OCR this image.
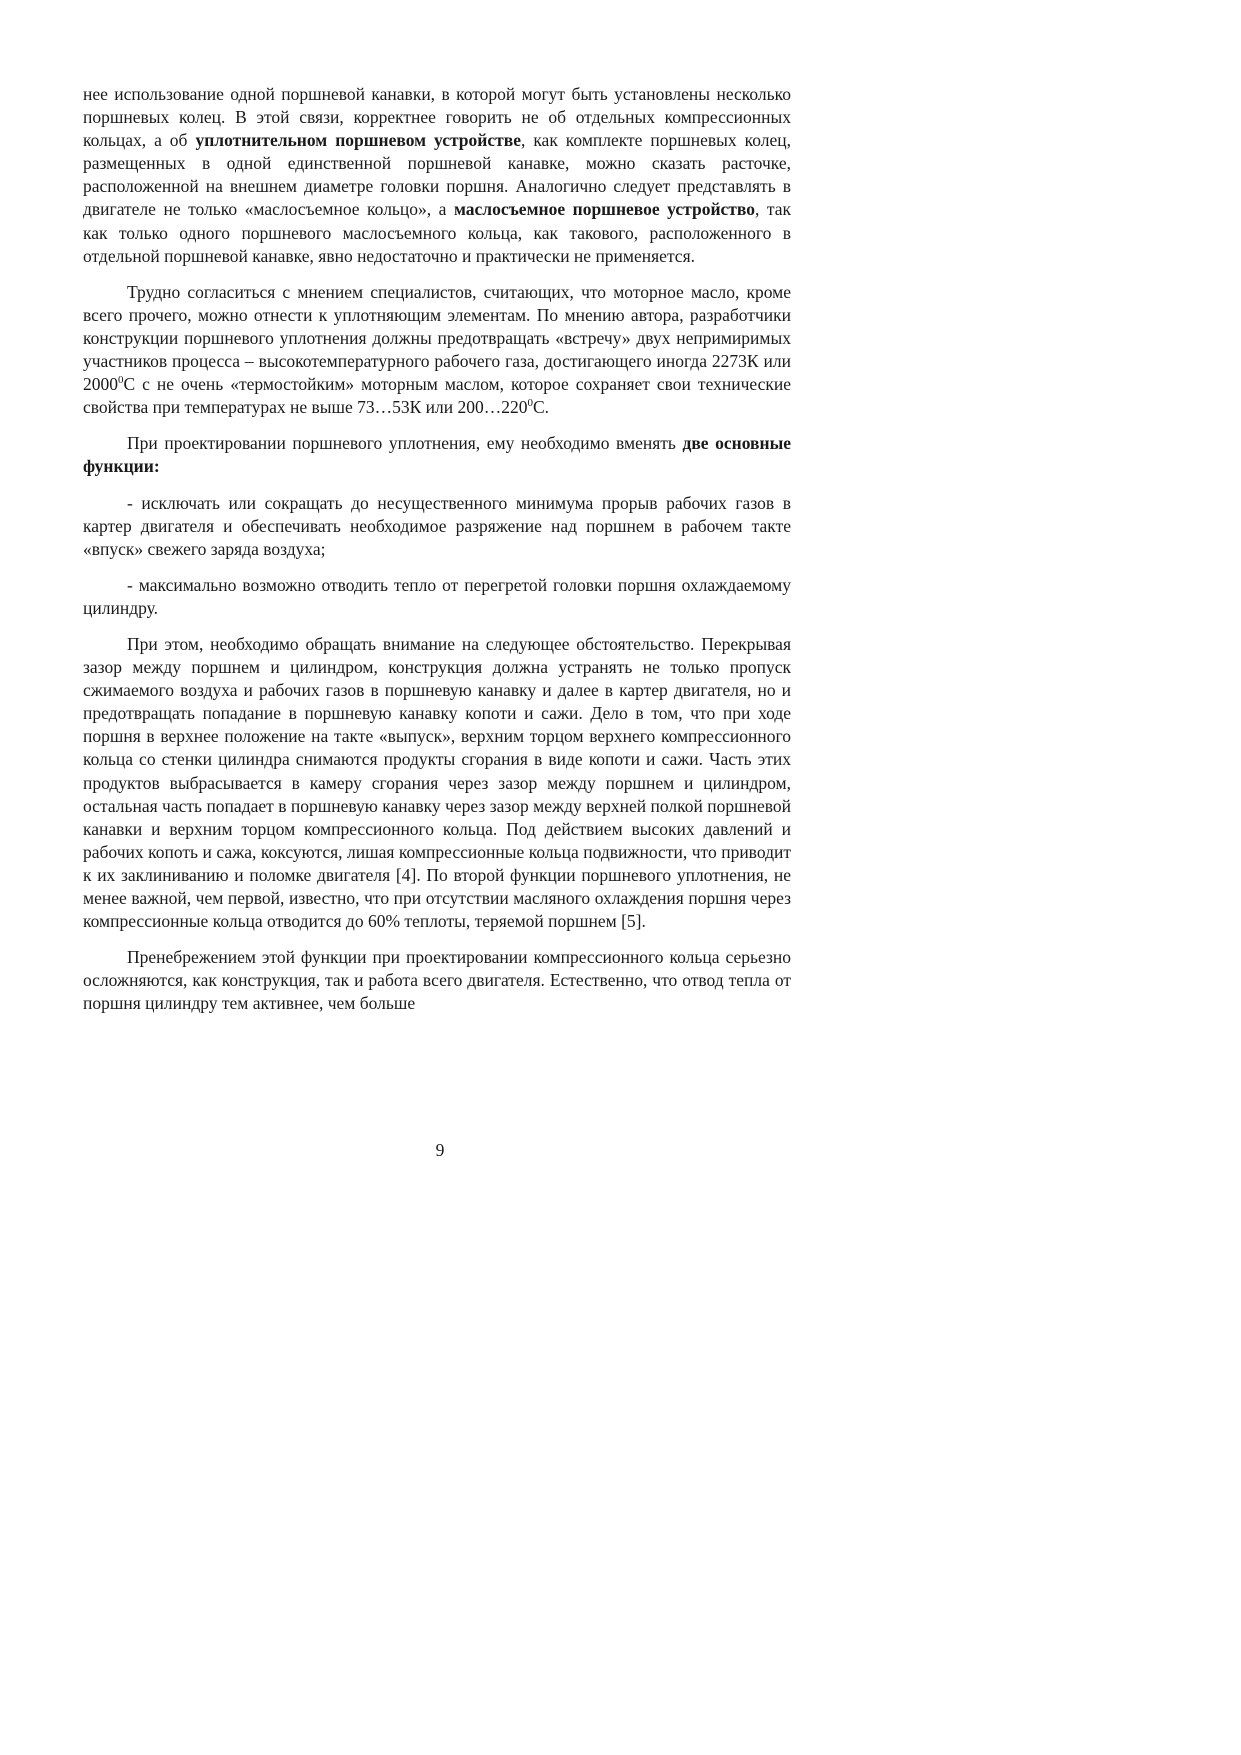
нее использование одной поршневой канавки, в которой могут быть установлены несколько поршневых колец. В этой связи, корректнее говорить не об отдельных компрессионных кольцах, а об уплотнительном поршневом устройстве, как комплекте поршневых колец, размещенных в одной единственной поршневой канавке, можно сказать расточке, расположенной на внешнем диаметре головки поршня. Аналогично следует представлять в двигателе не только «маслосъемное кольцо», а маслосъемное поршневое устройство, так как только одного поршневого маслосъемного кольца, как такового, расположенного в отдельной поршневой канавке, явно недостаточно и практически не применяется.

Трудно согласиться с мнением специалистов, считающих, что моторное масло, кроме всего прочего, можно отнести к уплотняющим элементам. По мнению автора, разработчики конструкции поршневого уплотнения должны предотвращать «встречу» двух непримиримых участников процесса – высокотемпературного рабочего газа, достигающего иногда 2273К или 2000$^0$С с не очень «термостойким» моторным маслом, которое сохраняет свои технические свойства при температурах не выше 73…53К или $200\dots 220^0С$.

При проектировании поршневого уплотнения, ему необходимо вменять две основные функции:

- исключать или сокращать до несущественного минимума прорыв рабочих газов в картер двигателя и обеспечивать необходимое разряжение над поршнем в рабочем такте «впуск» свежего заряда воздуха;

- максимально возможно отводить тепло от перегретой головки поршня охлаждаемому цилиндру.

При этом, необходимо обращать внимание на следующее обстоятельство. Перекрывая зазор между поршнем и цилиндром, конструкция должна устранять не только пропуск сжимаемого воздуха и рабочих газов в поршневую канавку и далее в картер двигателя, но и предотвращать попадание в поршневую канавку копоти и сажи. Дело в том, что при ходе поршня в верхнее положение на такте «выпуск», верхним торцом верхнего компрессионного кольца со стенки цилиндра снимаются продукты сгорания в виде копоти и сажи. Часть этих продуктов выбрасывается в камеру сгорания через зазор между поршнем и цилиндром, остальная часть попадает в поршневую канавку через зазор между верхней полкой поршневой канавки и верхним торцом компрессионного кольца. Под действием высоких давлений и рабочих копоть и сажа, коксуются, лишая компрессионные кольца подвижности, что приводит к их заклиниванию и поломке двигателя [4]. По второй функции поршневого уплотнения, не менее важной, чем первой, известно, что при отсутствии масляного охлаждения поршня через компрессионные кольца отводится до 60% теплоты, теряемой поршнем [5].

Пренебрежением этой функции при проектировании компрессионного кольца серьезно осложняются, как конструкция, так и работа всего двигателя. Естественно, что отвод тепла от поршня цилиндру тем активнее, чем больше

9
